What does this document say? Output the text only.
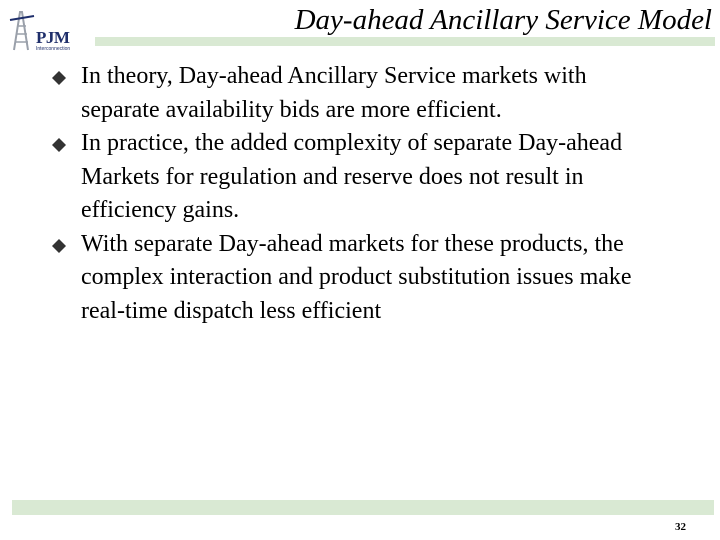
PJM
Interconnection
Day-ahead Ancillary Service Model
In theory, Day-ahead Ancillary Service markets with separate availability bids are more efficient.
In practice, the added complexity of separate Day-ahead Markets for regulation and reserve does not result in efficiency gains.
With separate Day-ahead markets for these products, the complex interaction and product substitution issues make real-time dispatch less efficient
32
